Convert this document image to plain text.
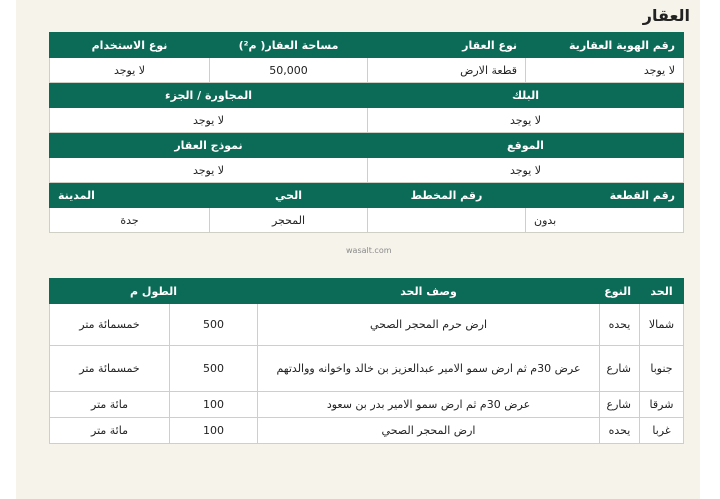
العقار
رقم الهوية العقارية	نوع العقار	مساحة العقار( م²)	نوع الاستخدام
لا يوجد	قطعة الارض	50,000	لا يوجد
البلك		المجاورة / الجزء	
لا يوجد		لا يوجد	
الموقع		نموذج العقار	
لا يوجد		لا يوجد	
رقم القطعة	رقم المخطط	الحي	المدينة
بدون		المحجر	جدة
wasalt.com
الحد	النوع	وصف الحد	الطول م	
شمالا	يحده	ارض حرم المحجر الصحي	500	خمسمائة متر
جنوبا	شارع	عرض 30م ثم ارض سمو الامير عبدالعزيز بن خالد واخوانه ووالدتهم	500	خمسمائة متر
شرقا	شارع	عرض 30م ثم ارض سمو الامير بدر بن سعود	100	مائة متر
غربا	يحده	ارض المحجر الصحي	100	مائة متر
